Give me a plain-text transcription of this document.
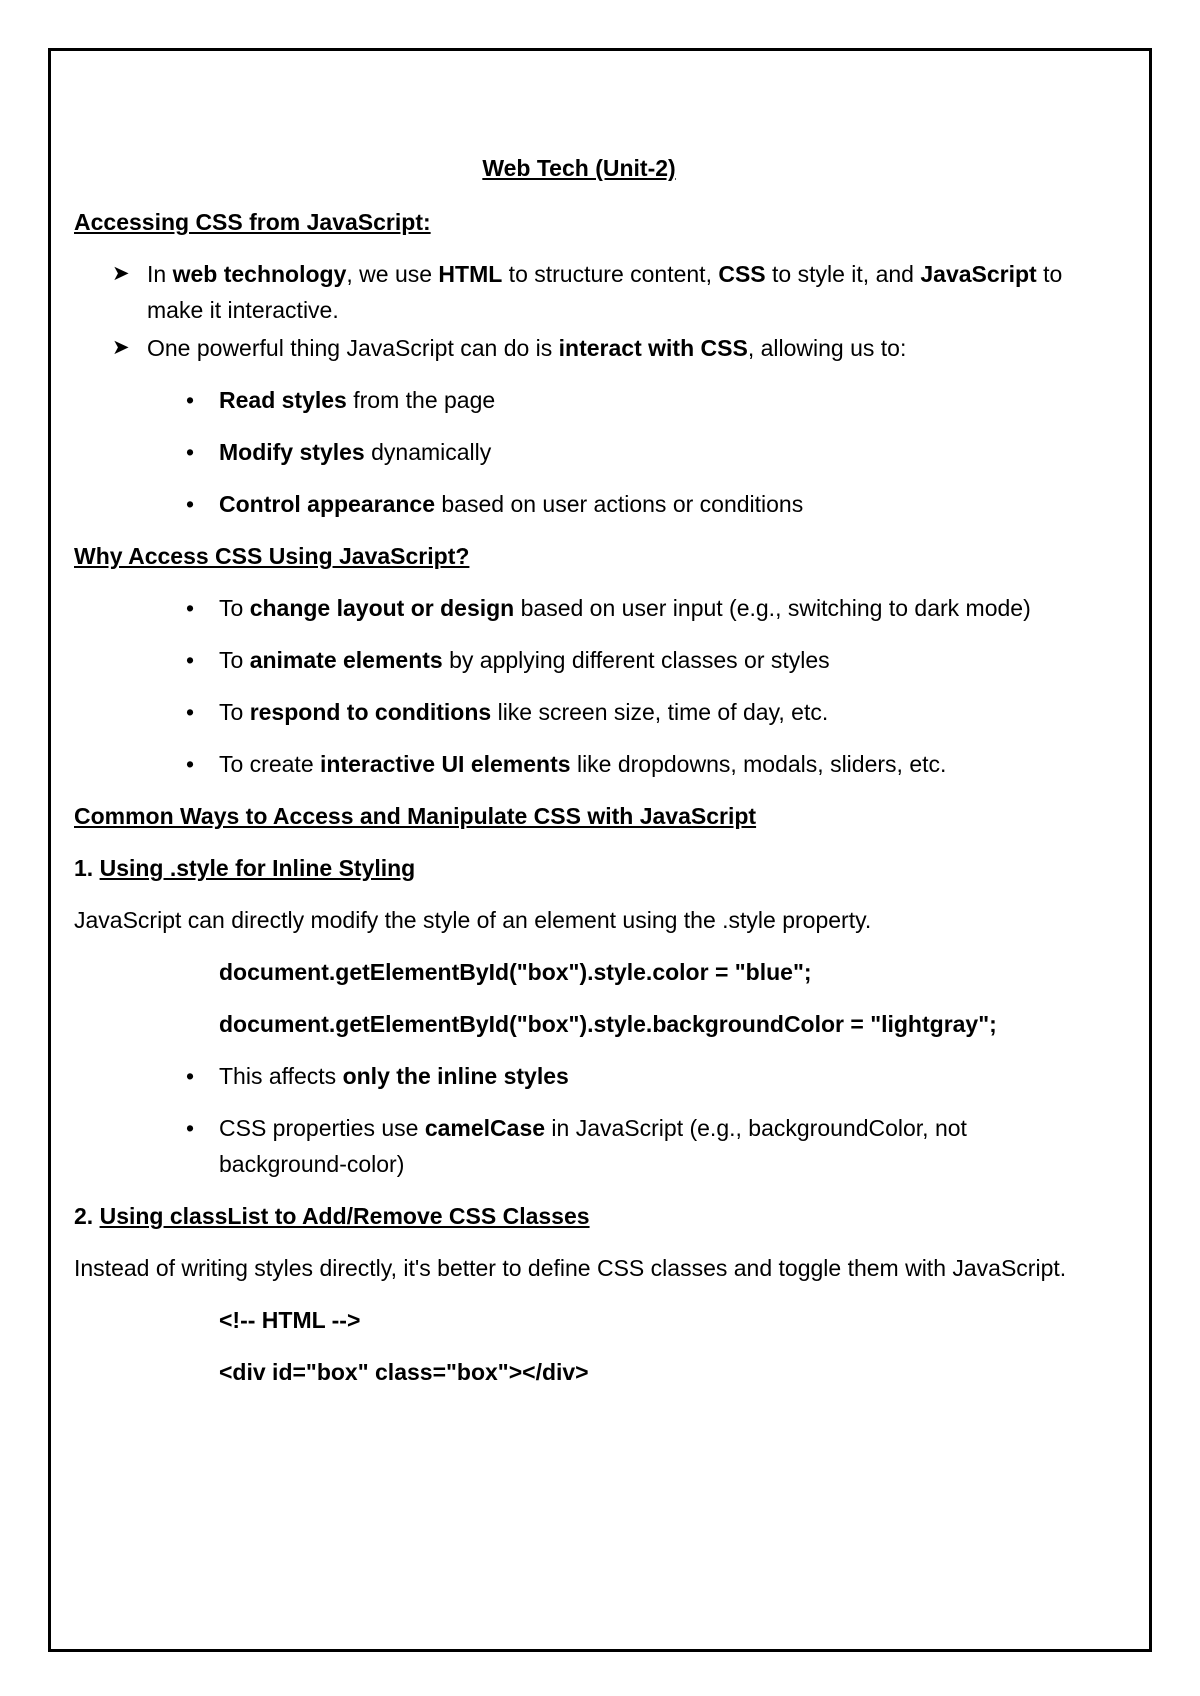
Web Tech (Unit-2)
Accessing CSS from JavaScript:
➤ In web technology, we use HTML to structure content, CSS to style it, and JavaScript to make it interactive.
➤ One powerful thing JavaScript can do is interact with CSS, allowing us to:
• Read styles from the page
• Modify styles dynamically
• Control appearance based on user actions or conditions
Why Access CSS Using JavaScript?
• To change layout or design based on user input (e.g., switching to dark mode)
• To animate elements by applying different classes or styles
• To respond to conditions like screen size, time of day, etc.
• To create interactive UI elements like dropdowns, modals, sliders, etc.
Common Ways to Access and Manipulate CSS with JavaScript
1. Using .style for Inline Styling
JavaScript can directly modify the style of an element using the .style property.
document.getElementById("box").style.color = "blue";
document.getElementById("box").style.backgroundColor = "lightgray";
• This affects only the inline styles
• CSS properties use camelCase in JavaScript (e.g., backgroundColor, not background-color)
2. Using classList to Add/Remove CSS Classes
Instead of writing styles directly, it's better to define CSS classes and toggle them with JavaScript.
<!-- HTML -->
<div id="box" class="box"></div>
